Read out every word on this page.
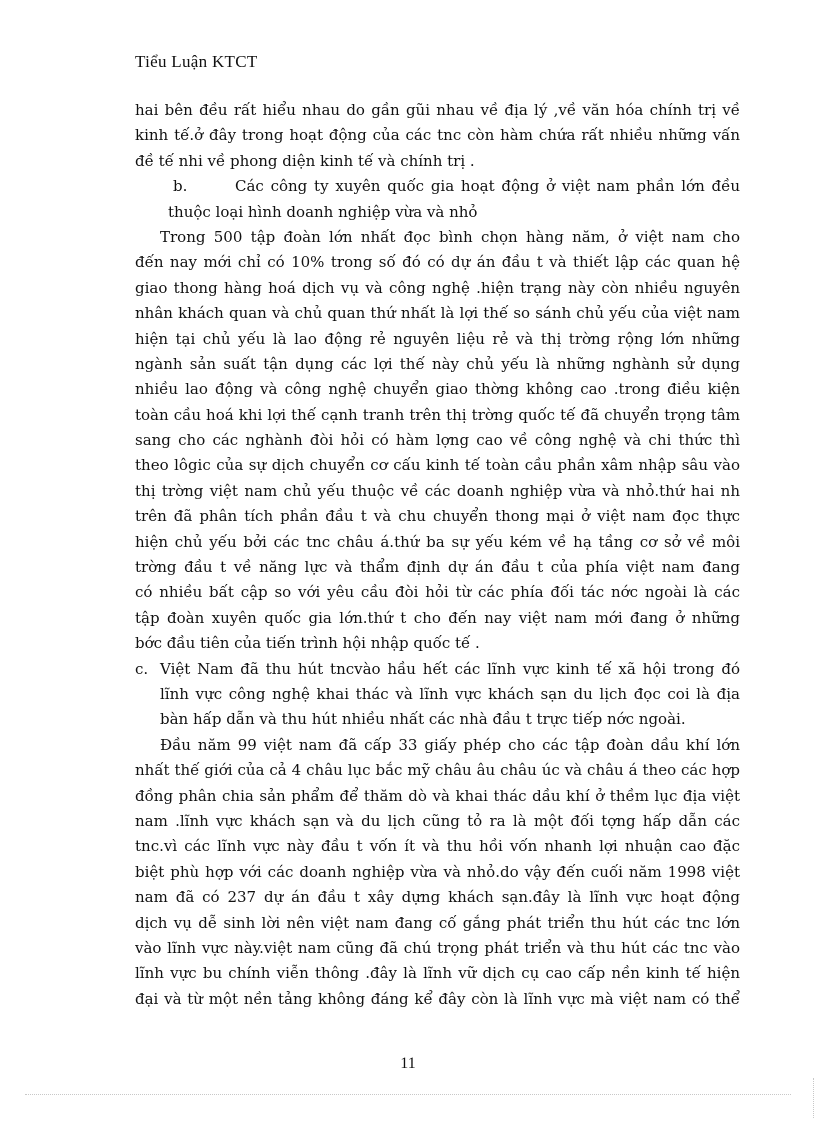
Tiểu Luận KTCT
hai bên đều rất hiểu nhau do gần gũi nhau về địa lý ,về văn hóa chính trị về
kinh tế.ở đây trong hoạt động của các tnc còn hàm chứa rất nhiều những vấn
đề tế nhi về phong diện kinh tế và chính trị .
b.	Các công ty xuyên quốc gia hoạt động ở việt nam phần lớn đều
thuộc loại hình doanh nghiệp vừa và nhỏ
Trong 500 tập đoàn lớn nhất đọc bình chọn hàng năm, ở việt nam cho
đến nay mới chỉ có 10% trong số đó có dự án đầu t và thiết lập các quan hệ
giao thong hàng hoá dịch vụ và công nghệ .hiện trạng này còn nhiều nguyên
nhân khách quan và chủ quan thứ nhất là lợi thế so sánh chủ yếu của việt nam
hiện tại chủ yếu là lao động rẻ nguyên liệu rẻ và thị trờng rộng lớn những
ngành sản suất tận dụng các lợi thế này chủ yếu là những nghành sử dụng
nhiều lao động và công nghệ chuyển giao thờng không cao .trong điều kiện
toàn cầu hoá khi lợi thế cạnh tranh trên thị trờng quốc tế đã chuyển trọng tâm
sang cho các nghành đòi hỏi có hàm lợng cao về công nghệ và chi thức thì
theo lôgic của sự dịch chuyển cơ cấu kinh tế toàn cầu phần xâm nhập sâu vào
thị trờng việt nam chủ yếu thuộc về các doanh nghiệp vừa và nhỏ.thứ hai nh
trên đã phân tích phần đầu t và chu chuyển thong mại ở việt nam đọc thực
hiện chủ yếu bởi các tnc châu á.thứ ba sự yếu kém về hạ tầng cơ sở về môi
trờng đầu t về năng lực và thẩm định dự án đầu t của phía việt nam đang
có nhiều bất cập so với yêu cầu đòi hỏi từ các phía đối tác nớc ngoài là các
tập đoàn xuyên quốc gia lớn.thứ t cho đến nay việt nam mới đang ở những
bớc đầu tiên của tiến trình hội nhập quốc tế .
c. Việt Nam đã thu hút tncvào hầu hết các lĩnh vực kinh tế xã hội trong đó
lĩnh vực công nghệ khai thác và lĩnh vực khách sạn du lịch đọc coi là địa
bàn hấp dẫn và thu hút nhiều nhất các nhà đầu t trực tiếp nớc ngoài.
Đầu năm 99 việt nam đã cấp 33 giấy phép cho các tập đoàn dầu khí lớn
nhất thế giới của cả 4 châu lục bắc mỹ châu âu châu úc và châu á theo các hợp
đồng phân chia sản phẩm để thăm dò và khai thác dầu khí ở thềm lục địa việt
nam .lĩnh vực khách sạn và du lịch cũng tỏ ra là một đối tợng hấp dẫn các
tnc.vì các lĩnh vực này đầu t vốn ít và thu hồi vốn nhanh lợi nhuận cao đặc
biệt phù hợp với các doanh nghiệp vừa và nhỏ.do vậy đến cuối năm 1998 việt
nam đã có 237 dự án đầu t xây dựng khách sạn.đây là lĩnh vực hoạt động
dịch vụ dễ sinh lời nên việt nam đang cố gắng phát triển thu hút các tnc lớn
vào lĩnh vực này.việt nam cũng đã chú trọng phát triển và thu hút các tnc vào
lĩnh vực bu chính viễn thông .đây là lĩnh vữ dịch cụ cao cấp nền kinh tế hiện
đại và từ một nền tảng không đáng kể đây còn là lĩnh vực mà việt nam có thể
11
